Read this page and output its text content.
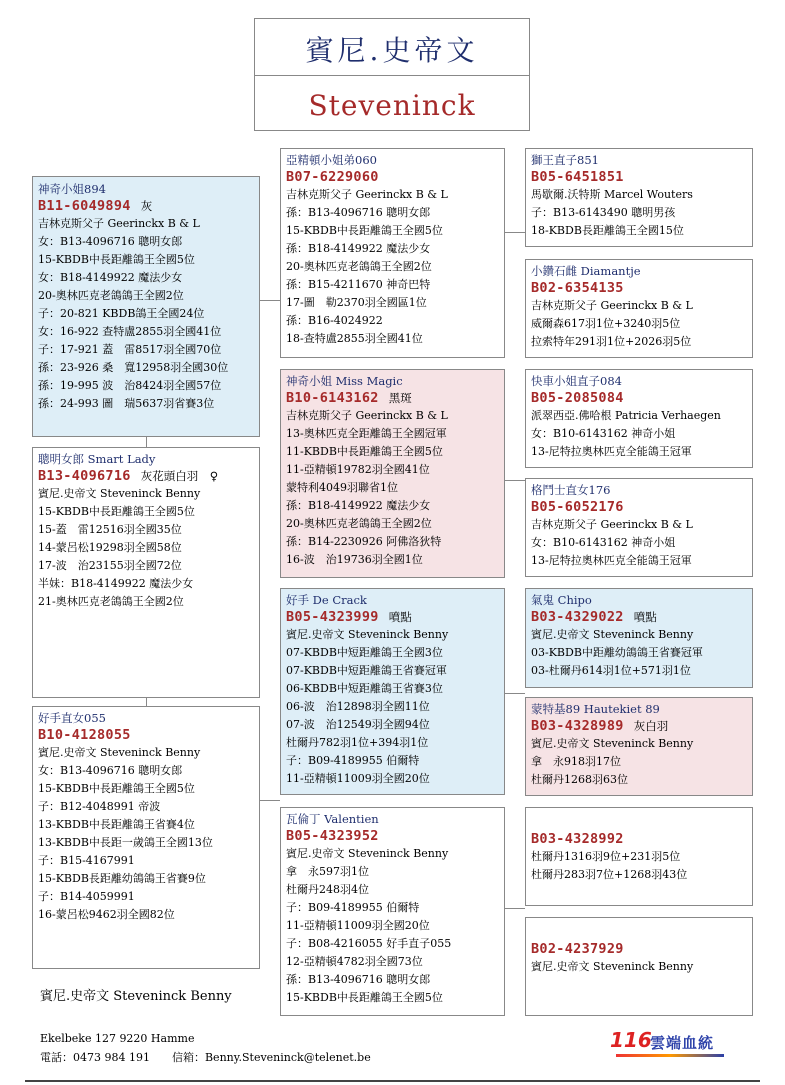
賓尼.史帝文
Steveninck
神奇小姐894
B11-6049894 灰
吉林克斯父子 Geerinckx B & L
女：B13-4096716 聰明女郎
15-KBDB中長距離鴿王全國5位
女：B18-4149922 魔法少女
20-奧林匹克老鴿鴿王全國2位
子：20-821 KBDB鴿王全國24位
女：16-922 查特盧2855羽全國41位
子：17-921 蓋　雷8517羽全國70位
孫：23-926 桑　寬12958羽全國30位
孫：19-995 波　治8424羽全國57位
孫：24-993 圖　瑞5637羽省賽3位
聰明女郎 Smart Lady
B13-4096716 灰花頭白羽　♀
賓尼.史帝文 Steveninck Benny
15-KBDB中長距離鴿王全國5位
15-蓋　雷12516羽全國35位
14-蒙呂松19298羽全國58位
17-波　治23155羽全國72位
半妹：B18-4149922 魔法少女
21-奧林匹克老鴿鴿王全國2位
好手直女055
B10-4128055
賓尼.史帝文 Steveninck Benny
女：B13-4096716 聰明女郎
15-KBDB中長距離鴿王全國5位
子：B12-4048991 帝波
13-KBDB中長距離鴿王省賽4位
13-KBDB中長距一歲鴿王全國13位
子：B15-4167991
15-KBDB長距離幼鴿鴿王省賽9位
子：B14-4059991
16-蒙呂松9462羽全國82位
亞精頓小姐弟060
B07-6229060
吉林克斯父子 Geerinckx B & L
孫：B13-4096716 聰明女郎
15-KBDB中長距離鴿王全國5位
孫：B18-4149922 魔法少女
20-奧林匹克老鴿鴿王全國2位
孫：B15-4211670 神奇巴特
17-圖　勒2370羽全國區1位
孫：B16-4024922
18-查特盧2855羽全國41位
神奇小姐 Miss Magic
B10-6143162 黑斑
吉林克斯父子 Geerinckx B & L
13-奧林匹克全距離鴿王全國冠軍
11-KBDB中長距離鴿王全國5位
11-亞精頓19782羽全國41位
蒙特利4049羽聯省1位
孫：B18-4149922 魔法少女
20-奧林匹克老鴿鴿王全國2位
孫：B14-2230926 阿佛洛狄特
16-波　治19736羽全國1位
好手 De Crack
B05-4323999 噴點
賓尼.史帝文 Steveninck Benny
07-KBDB中短距離鴿王全國3位
07-KBDB中短距離鴿王省賽冠軍
06-KBDB中短距離鴿王省賽3位
06-波　治12898羽全國11位
07-波　治12549羽全國94位
杜爾丹782羽1位+394羽1位
子：B09-4189955 伯爾特
11-亞精頓11009羽全國20位
瓦倫丁 Valentien
B05-4323952
賓尼.史帝文 Steveninck Benny
拿　永597羽1位
杜爾丹248羽4位
子：B09-4189955 伯爾特
11-亞精頓11009羽全國20位
子：B08-4216055 好手直子055
12-亞精頓4782羽全國73位
孫：B13-4096716 聰明女郎
15-KBDB中長距離鴿王全國5位
獅王直子851
B05-6451851
馬歇爾.沃特斯 Marcel Wouters
子：B13-6143490 聰明男孩
18-KBDB長距離鴿王全國15位
小鑽石雌 Diamantje
B02-6354135
吉林克斯父子 Geerinckx B & L
威爾森617羽1位+3240羽5位
拉索特年291羽1位+2026羽5位
快車小姐直子084
B05-2085084
派翠西亞.佛哈根 Patricia Verhaegen
女：B10-6143162 神奇小姐
13-尼特拉奧林匹克全能鴿王冠軍
格鬥士直女176
B05-6052176
吉林克斯父子 Geerinckx B & L
女：B10-6143162 神奇小姐
13-尼特拉奧林匹克全能鴿王冠軍
氣鬼 Chipo
B03-4329022 噴點
賓尼.史帝文 Steveninck Benny
03-KBDB中距離幼鴿鴿王省賽冠軍
03-杜爾丹614羽1位+571羽1位
蒙特基89 Hautekiet 89
B03-4328989 灰白羽
賓尼.史帝文 Steveninck Benny
拿　永918羽17位
杜爾丹1268羽63位
B03-4328992
杜爾丹1316羽9位+231羽5位
杜爾丹283羽7位+1268羽43位
B02-4237929
賓尼.史帝文 Steveninck Benny
賓尼.史帝文 Steveninck Benny
Ekelbeke 127 9220 Hamme
電話：0473 984 191　　信箱：Benny.Steveninck@telenet.be
116
雲端血統
